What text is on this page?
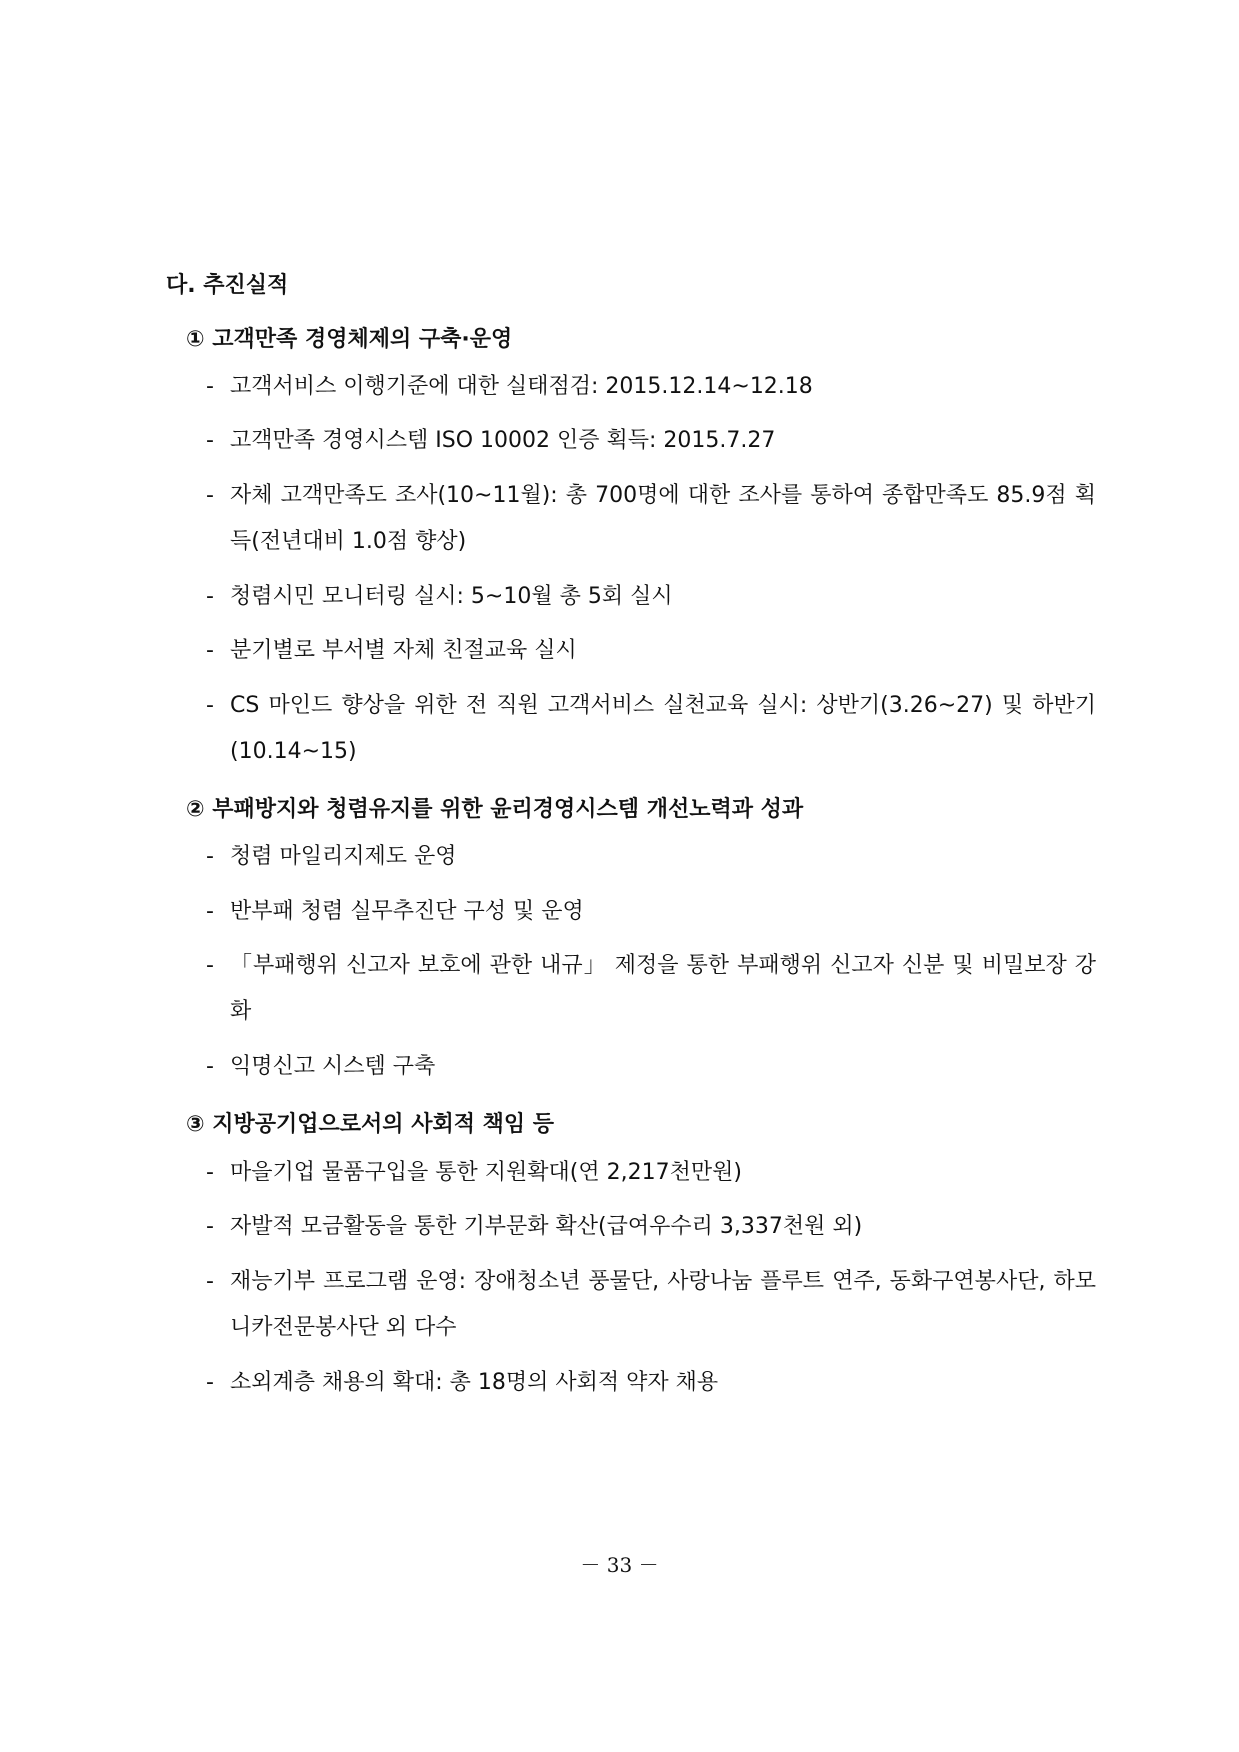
다. 추진실적
① 고객만족 경영체제의 구축·운영
- 고객서비스 이행기준에 대한 실태점검: 2015.12.14~12.18
- 고객만족 경영시스템 ISO 10002 인증 획득: 2015.7.27
- 자체 고객만족도 조사(10~11월): 총 700명에 대한 조사를 통하여 종합만족도 85.9점 획득(전년대비 1.0점 향상)
- 청렴시민 모니터링 실시: 5~10월 총 5회 실시
- 분기별로 부서별 자체 친절교육 실시
- CS 마인드 향상을 위한 전 직원 고객서비스 실천교육 실시: 상반기(3.26~27) 및 하반기(10.14~15)
② 부패방지와 청렴유지를 위한 윤리경영시스템 개선노력과 성과
- 청렴 마일리지제도 운영
- 반부패 청렴 실무추진단 구성 및 운영
- 「부패행위 신고자 보호에 관한 내규」 제정을 통한 부패행위 신고자 신분 및 비밀보장 강화
- 익명신고 시스템 구축
③ 지방공기업으로서의 사회적 책임 등
- 마을기업 물품구입을 통한 지원확대(연 2,217천만원)
- 자발적 모금활동을 통한 기부문화 확산(급여우수리 3,337천원 외)
- 재능기부 프로그램 운영: 장애청소년 풍물단, 사랑나눔 플루트 연주, 동화구연봉사단, 하모니카전문봉사단 외 다수
- 소외계층 채용의 확대: 총 18명의 사회적 약자 채용
－ 33 －
